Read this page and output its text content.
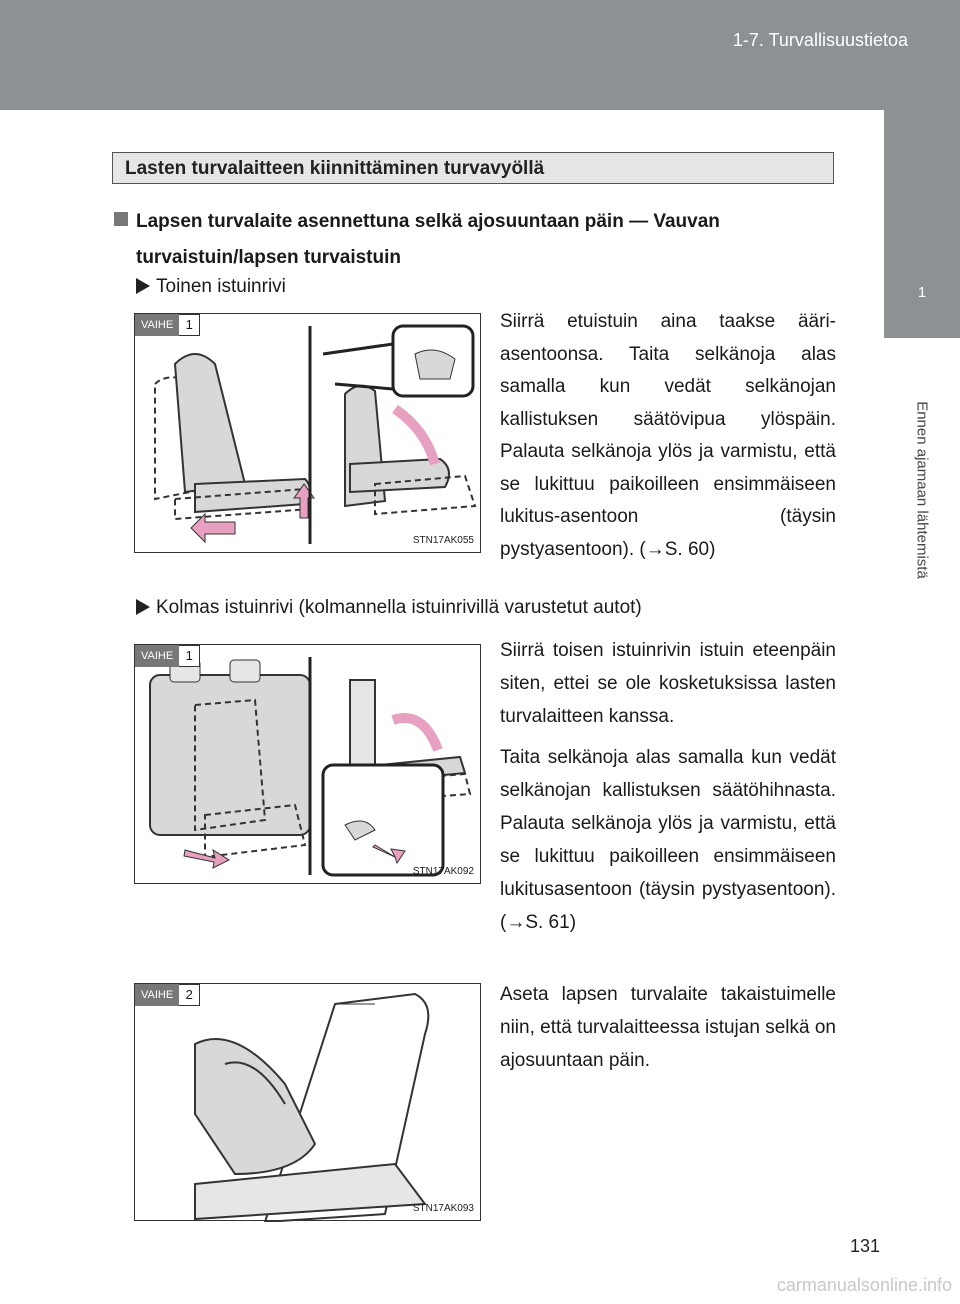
1-7. Turvallisuustietoa
1
Ennen ajamaan lähtemistä
Lasten turvalaitteen kiinnittäminen turvavyöllä
Lapsen turvalaite asennettuna selkä ajosuuntaan päin — Vauvan turvaistuin/lapsen turvaistuin
Toinen istuinrivi
Siirrä etuistuin aina taakse ääri-asentoonsa. Taita selkänoja alas samalla kun vedät selkänojan kallistuksen säätövipua ylöspäin. Palauta selkänoja ylös ja varmistu, että se lukittuu paikoilleen ensimmäiseen lukitus-asentoon (täysin pystyasentoon). (→S. 60)
VAIHE 1
STN17AK055
Kolmas istuinrivi (kolmannella istuinrivillä varustetut autot)
Siirrä toisen istuinrivin istuin eteenpäin siten, ettei se ole kosketuksissa lasten turvalaitteen kanssa.
Taita selkänoja alas samalla kun vedät selkänojan kallistuksen säätöhihnasta. Palauta selkänoja ylös ja varmistu, että se lukittuu paikoilleen ensimmäiseen lukitusasentoon (täysin pystyasentoon). (→S. 61)
VAIHE 1
STN17AK092
Aseta lapsen turvalaite takaistuimelle niin, että turvalaitteessa istujan selkä on ajosuuntaan päin.
VAIHE 2
STN17AK093
131
carmanualsonline.info
